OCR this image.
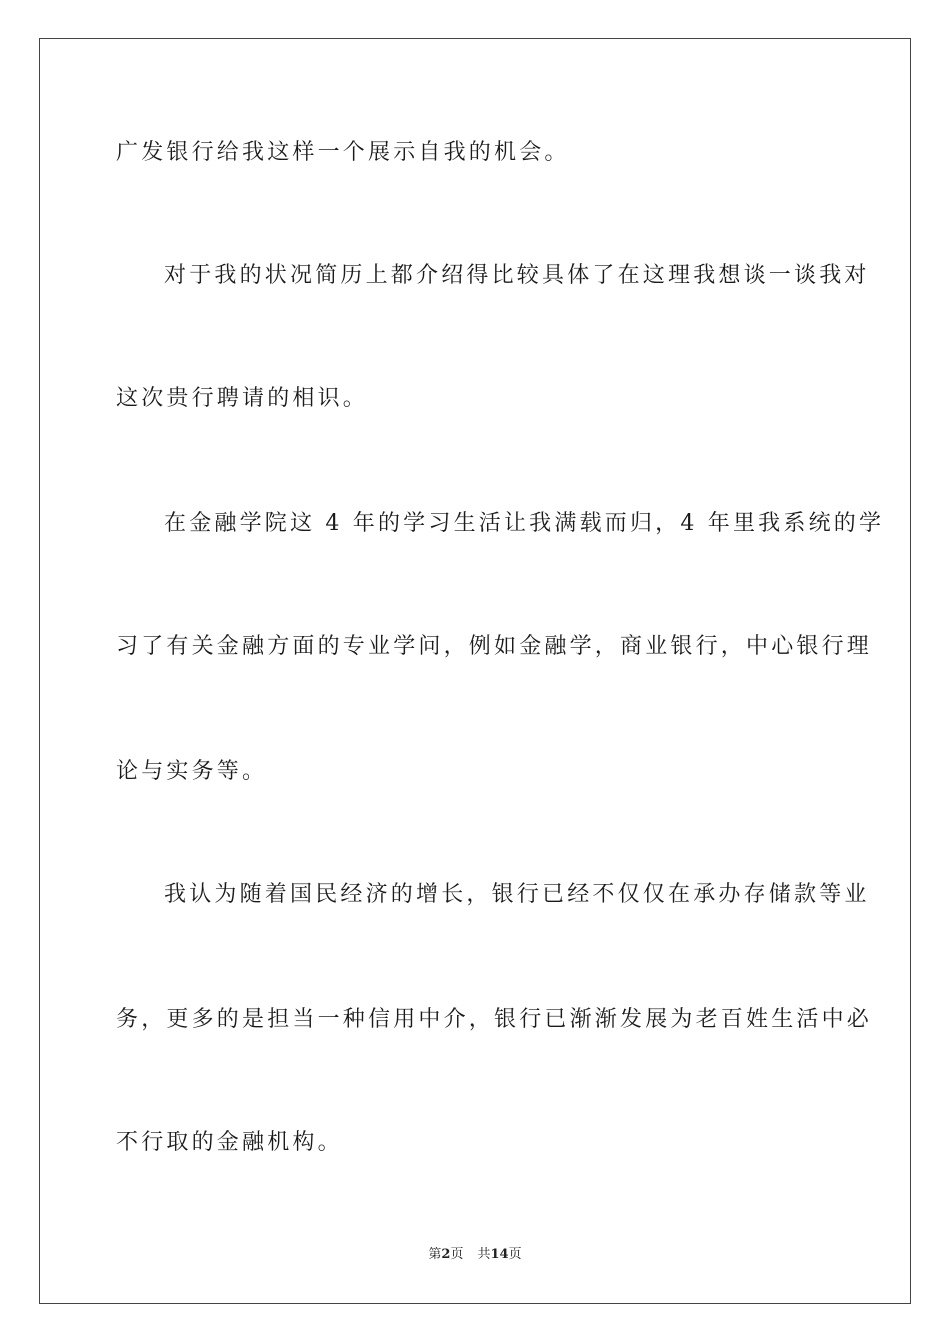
广发银行给我这样一个展示自我的机会。
对于我的状况简历上都介绍得比较具体了在这理我想谈一谈我对
这次贵行聘请的相识。
在金融学院这 4 年的学习生活让我满载而归，4 年里我系统的学
习了有关金融方面的专业学问，例如金融学，商业银行，中心银行理
论与实务等。
我认为随着国民经济的增长，银行已经不仅仅在承办存储款等业
务，更多的是担当一种信用中介，银行已渐渐发展为老百姓生活中必
不行取的金融机构。
第2页 共14页
